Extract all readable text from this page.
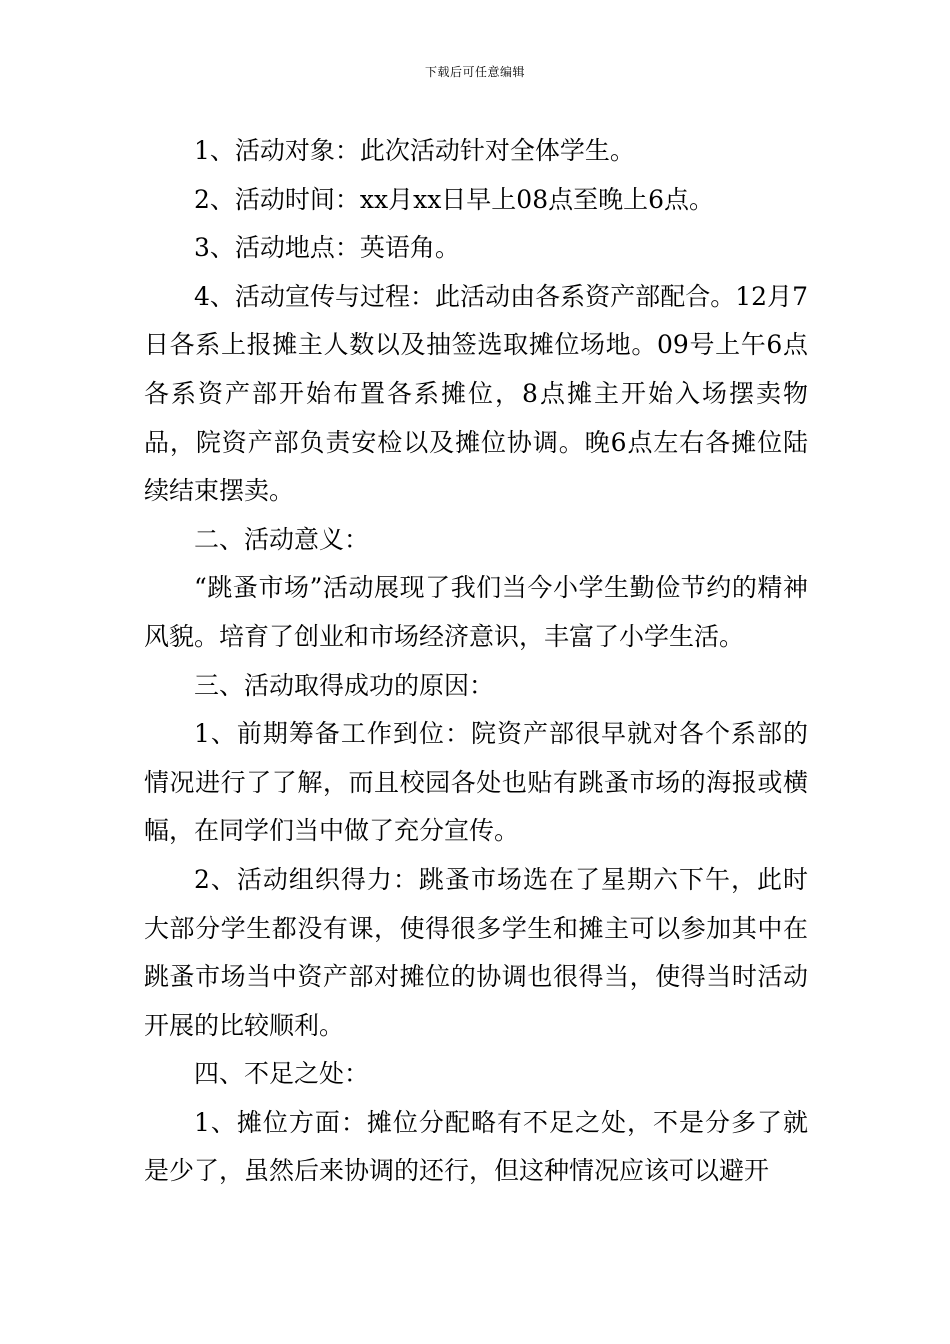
下载后可任意编辑

1、活动对象：此次活动针对全体学生。

2、活动时间：xx月xx日早上08点至晚上6点。

3、活动地点：英语角。

4、活动宣传与过程：此活动由各系资产部配合。12月7日各系上报摊主人数以及抽签选取摊位场地。09号上午6点各系资产部开始布置各系摊位，8点摊主开始入场摆卖物品，院资产部负责安检以及摊位协调。晚6点左右各摊位陆续结束摆卖。

二、活动意义：

“跳蚤市场”活动展现了我们当今小学生勤俭节约的精神风貌。培育了创业和市场经济意识，丰富了小学生活。

三、活动取得成功的原因：

1、前期筹备工作到位：院资产部很早就对各个系部的情况进行了了解，而且校园各处也贴有跳蚤市场的海报或横幅，在同学们当中做了充分宣传。

2、活动组织得力：跳蚤市场选在了星期六下午，此时大部分学生都没有课，使得很多学生和摊主可以参加其中在跳蚤市场当中资产部对摊位的协调也很得当，使得当时活动开展的比较顺利。

四、不足之处：

1、摊位方面：摊位分配略有不足之处，不是分多了就是少了，虽然后来协调的还行，但这种情况应该可以避开
